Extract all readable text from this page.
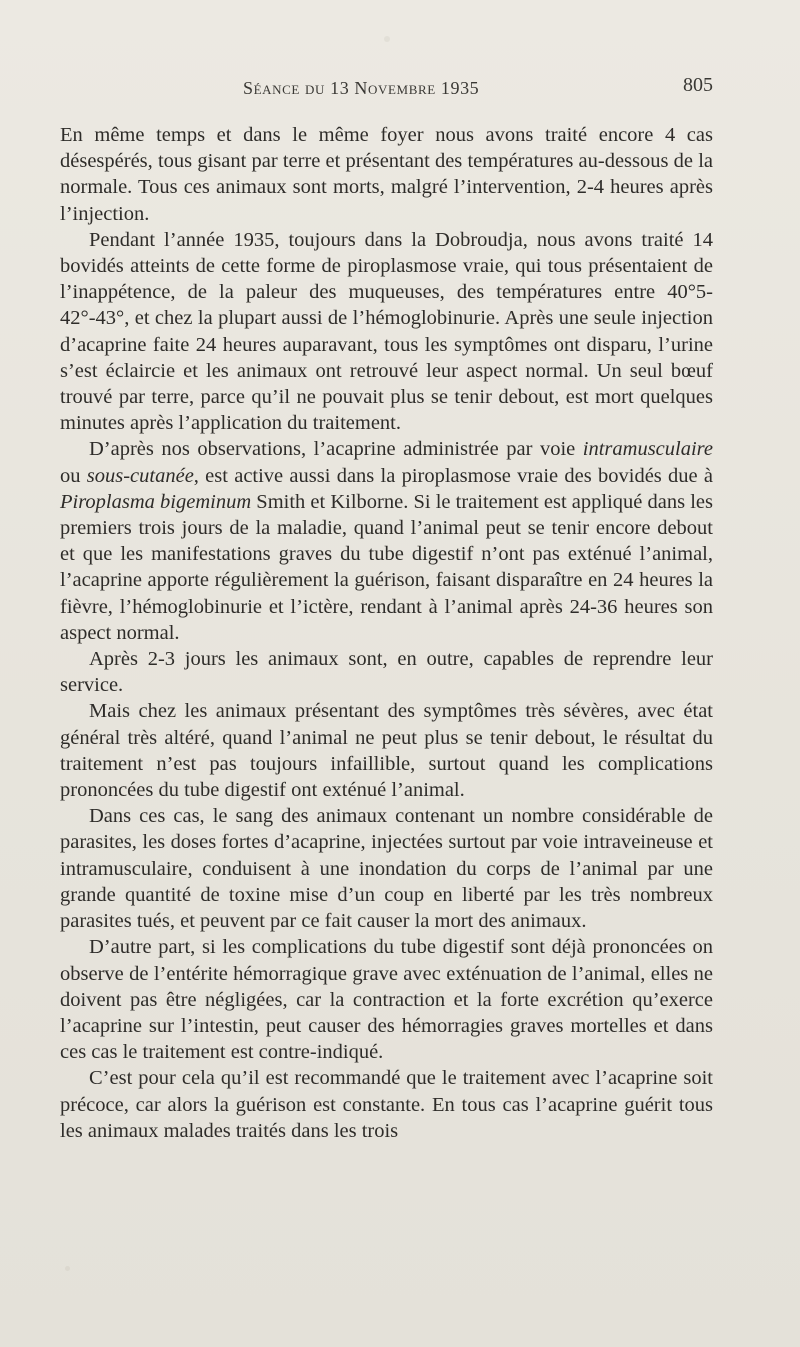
Séance du 13 Novembre 1935	805

En même temps et dans le même foyer nous avons traité encore 4 cas désespérés, tous gisant par terre et présentant des températures au-dessous de la normale. Tous ces animaux sont morts, malgré l’intervention, 2-4 heures après l’injection.

Pendant l’année 1935, toujours dans la Dobroudja, nous avons traité 14 bovidés atteints de cette forme de piroplasmose vraie, qui tous présentaient de l’inappétence, de la paleur des muqueuses, des températures entre 40°5-42°-43°, et chez la plupart aussi de l’hémoglobinurie. Après une seule injection d’acaprine faite 24 heures auparavant, tous les symptômes ont disparu, l’urine s’est éclaircie et les animaux ont retrouvé leur aspect normal. Un seul bœuf trouvé par terre, parce qu’il ne pouvait plus se tenir debout, est mort quelques minutes après l’application du traitement.

D’après nos observations, l’acaprine administrée par voie intramusculaire ou sous-cutanée, est active aussi dans la piroplasmose vraie des bovidés due à Piroplasma bigeminum Smith et Kilborne. Si le traitement est appliqué dans les premiers trois jours de la maladie, quand l’animal peut se tenir encore debout et que les manifestations graves du tube digestif n’ont pas exténué l’animal, l’acaprine apporte régulièrement la guérison, faisant disparaître en 24 heures la fièvre, l’hémoglobinurie et l’ictère, rendant à l’animal après 24-36 heures son aspect normal.

Après 2-3 jours les animaux sont, en outre, capables de reprendre leur service.

Mais chez les animaux présentant des symptômes très sévères, avec état général très altéré, quand l’animal ne peut plus se tenir debout, le résultat du traitement n’est pas toujours infaillible, surtout quand les complications prononcées du tube digestif ont exténué l’animal.

Dans ces cas, le sang des animaux contenant un nombre considérable de parasites, les doses fortes d’acaprine, injectées surtout par voie intraveineuse et intramusculaire, conduisent à une inondation du corps de l’animal par une grande quantité de toxine mise d’un coup en liberté par les très nombreux parasites tués, et peuvent par ce fait causer la mort des animaux.

D’autre part, si les complications du tube digestif sont déjà prononcées on observe de l’entérite hémorragique grave avec exténuation de l’animal, elles ne doivent pas être négligées, car la contraction et la forte excrétion qu’exerce l’acaprine sur l’intestin, peut causer des hémorragies graves mortelles et dans ces cas le traitement est contre-indiqué.

C’est pour cela qu’il est recommandé que le traitement avec l’acaprine soit précoce, car alors la guérison est constante. En tous cas l’acaprine guérit tous les animaux malades traités dans les trois
